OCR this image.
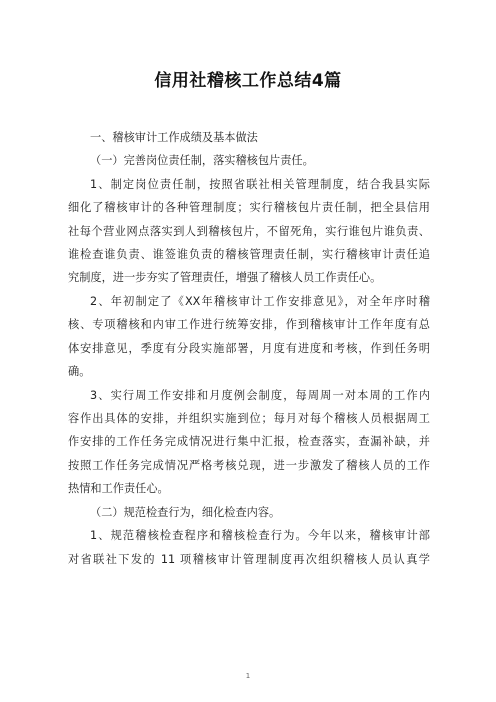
信用社稽核工作总结4篇
一、稽核审计工作成绩及基本做法
（一）完善岗位责任制，落实稽核包片责任。
1、制定岗位责任制，按照省联社相关管理制度，结合我县实际
细化了稽核审计的各种管理制度；实行稽核包片责任制，把全县信用
社每个营业网点落实到人到稽核包片，不留死角，实行谁包片谁负责、
谁检查谁负责、谁签谁负责的稽核管理责任制，实行稽核审计责任追
究制度，进一步夯实了管理责任，增强了稽核人员工作责任心。
2、年初制定了《XX年稽核审计工作安排意见》，对全年序时稽
核、专项稽核和内审工作进行统筹安排，作到稽核审计工作年度有总
体安排意见，季度有分段实施部署，月度有进度和考核，作到任务明
确。
3、实行周工作安排和月度例会制度，每周周一对本周的工作内
容作出具体的安排，并组织实施到位；每月对每个稽核人员根据周工
作安排的工作任务完成情况进行集中汇报，检查落实，查漏补缺，并
按照工作任务完成情况严格考核兑现，进一步激发了稽核人员的工作
热情和工作责任心。
（二）规范检查行为，细化检查内容。
1、规范稽核检查程序和稽核检查行为。今年以来，稽核审计部
对省联社下发的 11 项稽核审计管理制度再次组织稽核人员认真学
1
